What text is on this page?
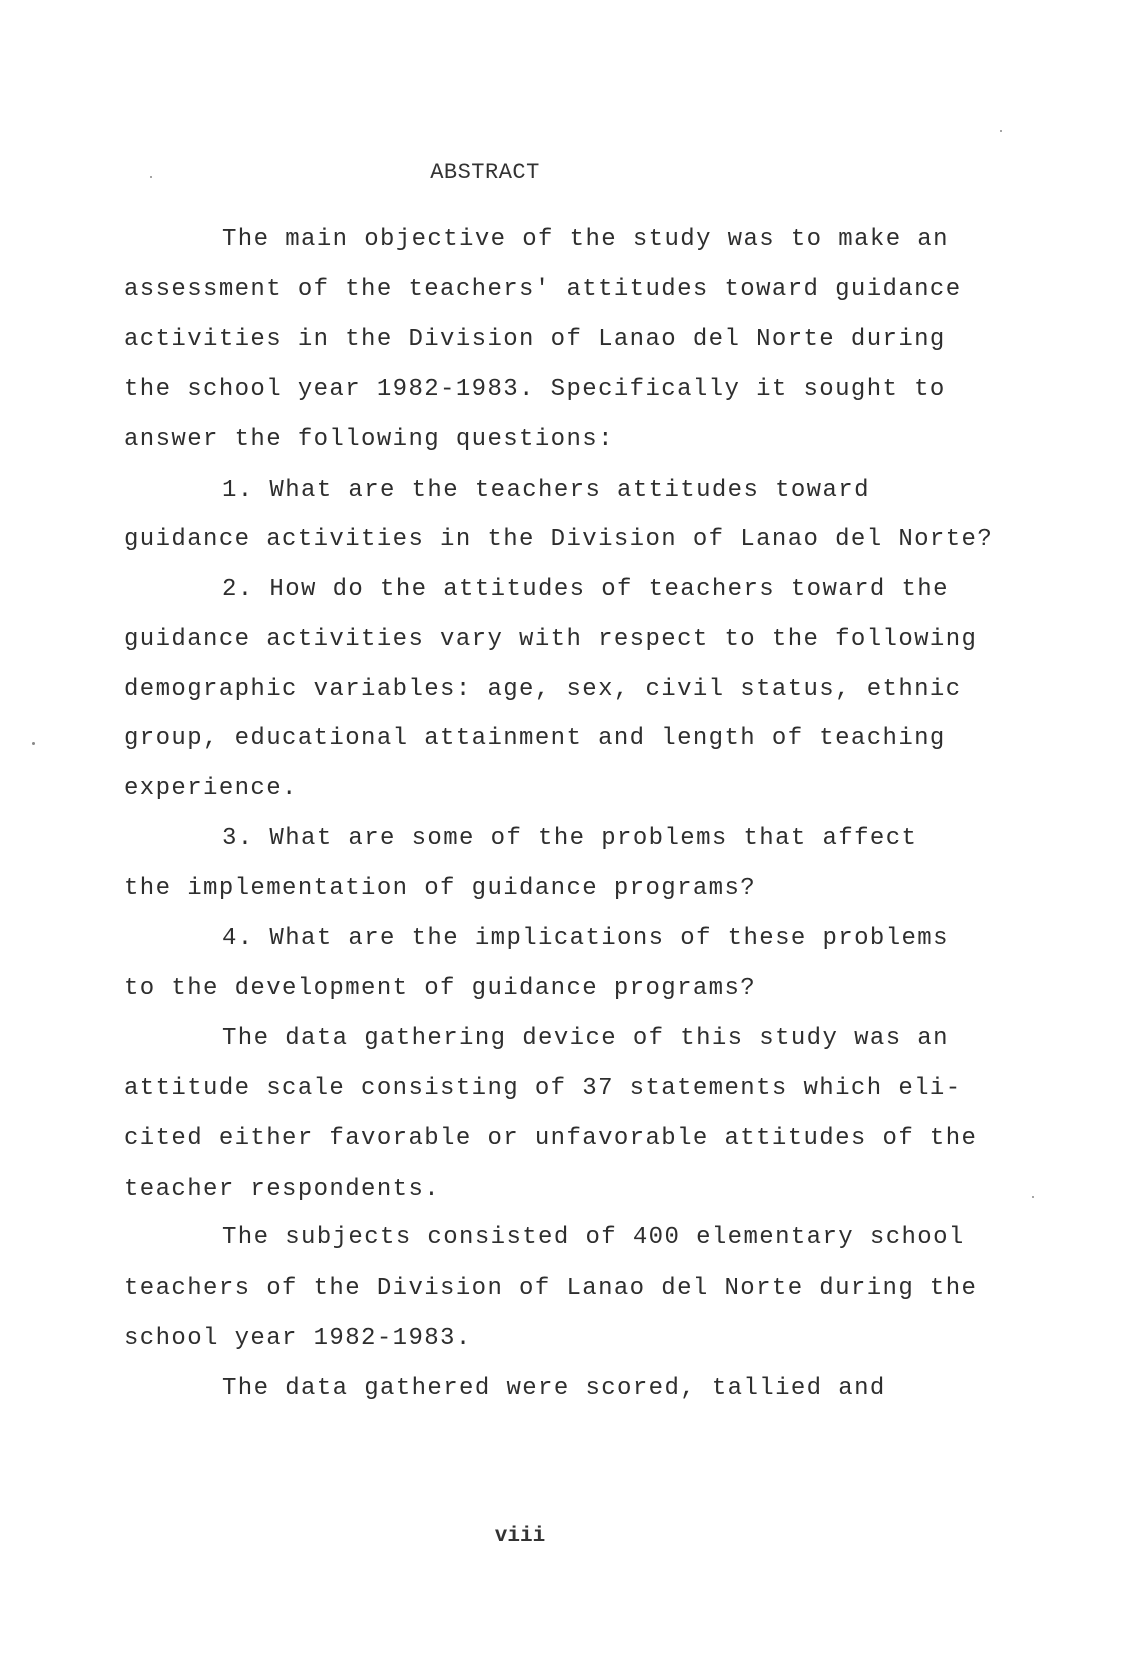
ABSTRACT
The main objective of the study was to make an
assessment of the teachers' attitudes toward guidance
activities in the Division of Lanao del Norte during
the school year 1982-1983. Specifically it sought to
answer the following questions:
1. What are the teachers attitudes toward
guidance activities in the Division of Lanao del Norte?
2. How do the attitudes of teachers toward the
guidance activities vary with respect to the following
demographic variables: age, sex, civil status, ethnic
group, educational attainment and length of teaching
experience.
3. What are some of the problems that affect
the implementation of guidance programs?
4. What are the implications of these problems
to the development of guidance programs?
The data gathering device of this study was an
attitude scale consisting of 37 statements which eli-
cited either favorable or unfavorable attitudes of the
teacher respondents.
The subjects consisted of 400 elementary school
teachers of the Division of Lanao del Norte during the
school year 1982-1983.
The data gathered were scored, tallied and
viii
